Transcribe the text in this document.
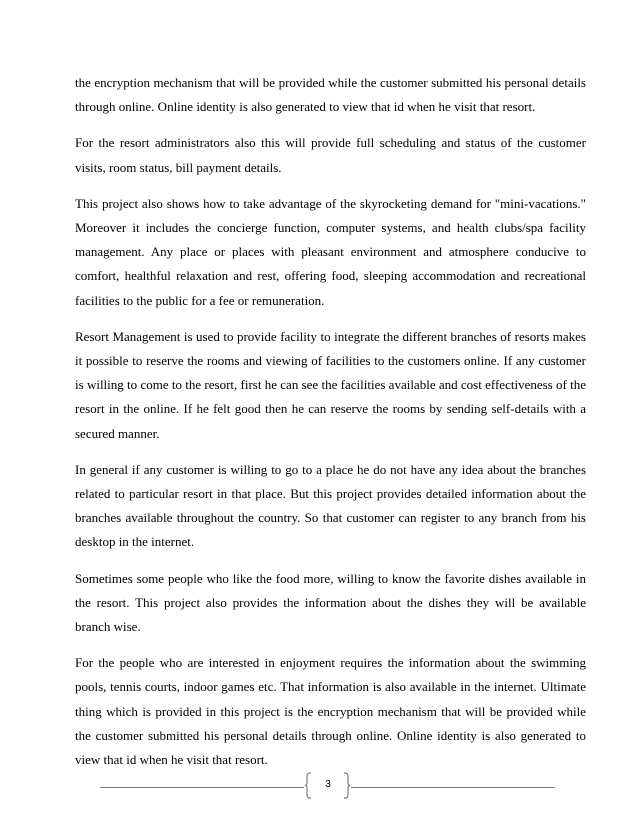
the encryption mechanism that will be provided while the customer submitted his personal details through online. Online identity is also generated to view that id when he visit that resort.

For the resort administrators also this will provide full scheduling and status of the customer visits, room status, bill payment details.

This project also shows how to take advantage of the skyrocketing demand for "mini-vacations." Moreover it includes the concierge function, computer systems, and health clubs/spa facility management. Any place or places with pleasant environment and atmosphere conducive to comfort, healthful relaxation and rest, offering food, sleeping accommodation and recreational facilities to the public for a fee or remuneration.

Resort Management is used to provide facility to integrate the different branches of resorts makes it possible to reserve the rooms and viewing of facilities to the customers online. If any customer is willing to come to the resort, first he can see the facilities available and cost effectiveness of the resort in the online. If he felt good then he can reserve the rooms by sending self-details with a secured manner.

In general if any customer is willing to go to a place he do not have any idea about the branches related to particular resort in that place. But this project provides detailed information about the branches available throughout the country. So that customer can register to any branch from his desktop in the internet.

Sometimes some people who like the food more, willing to know the favorite dishes available in the resort. This project also provides the information about the dishes they will be available branch wise.

For the people who are interested in enjoyment requires the information about the swimming pools, tennis courts, indoor games etc. That information is also available in the internet. Ultimate thing which is provided in this project is the encryption mechanism that will be provided while the customer submitted his personal details through online. Online identity is also generated to view that id when he visit that resort.

3
